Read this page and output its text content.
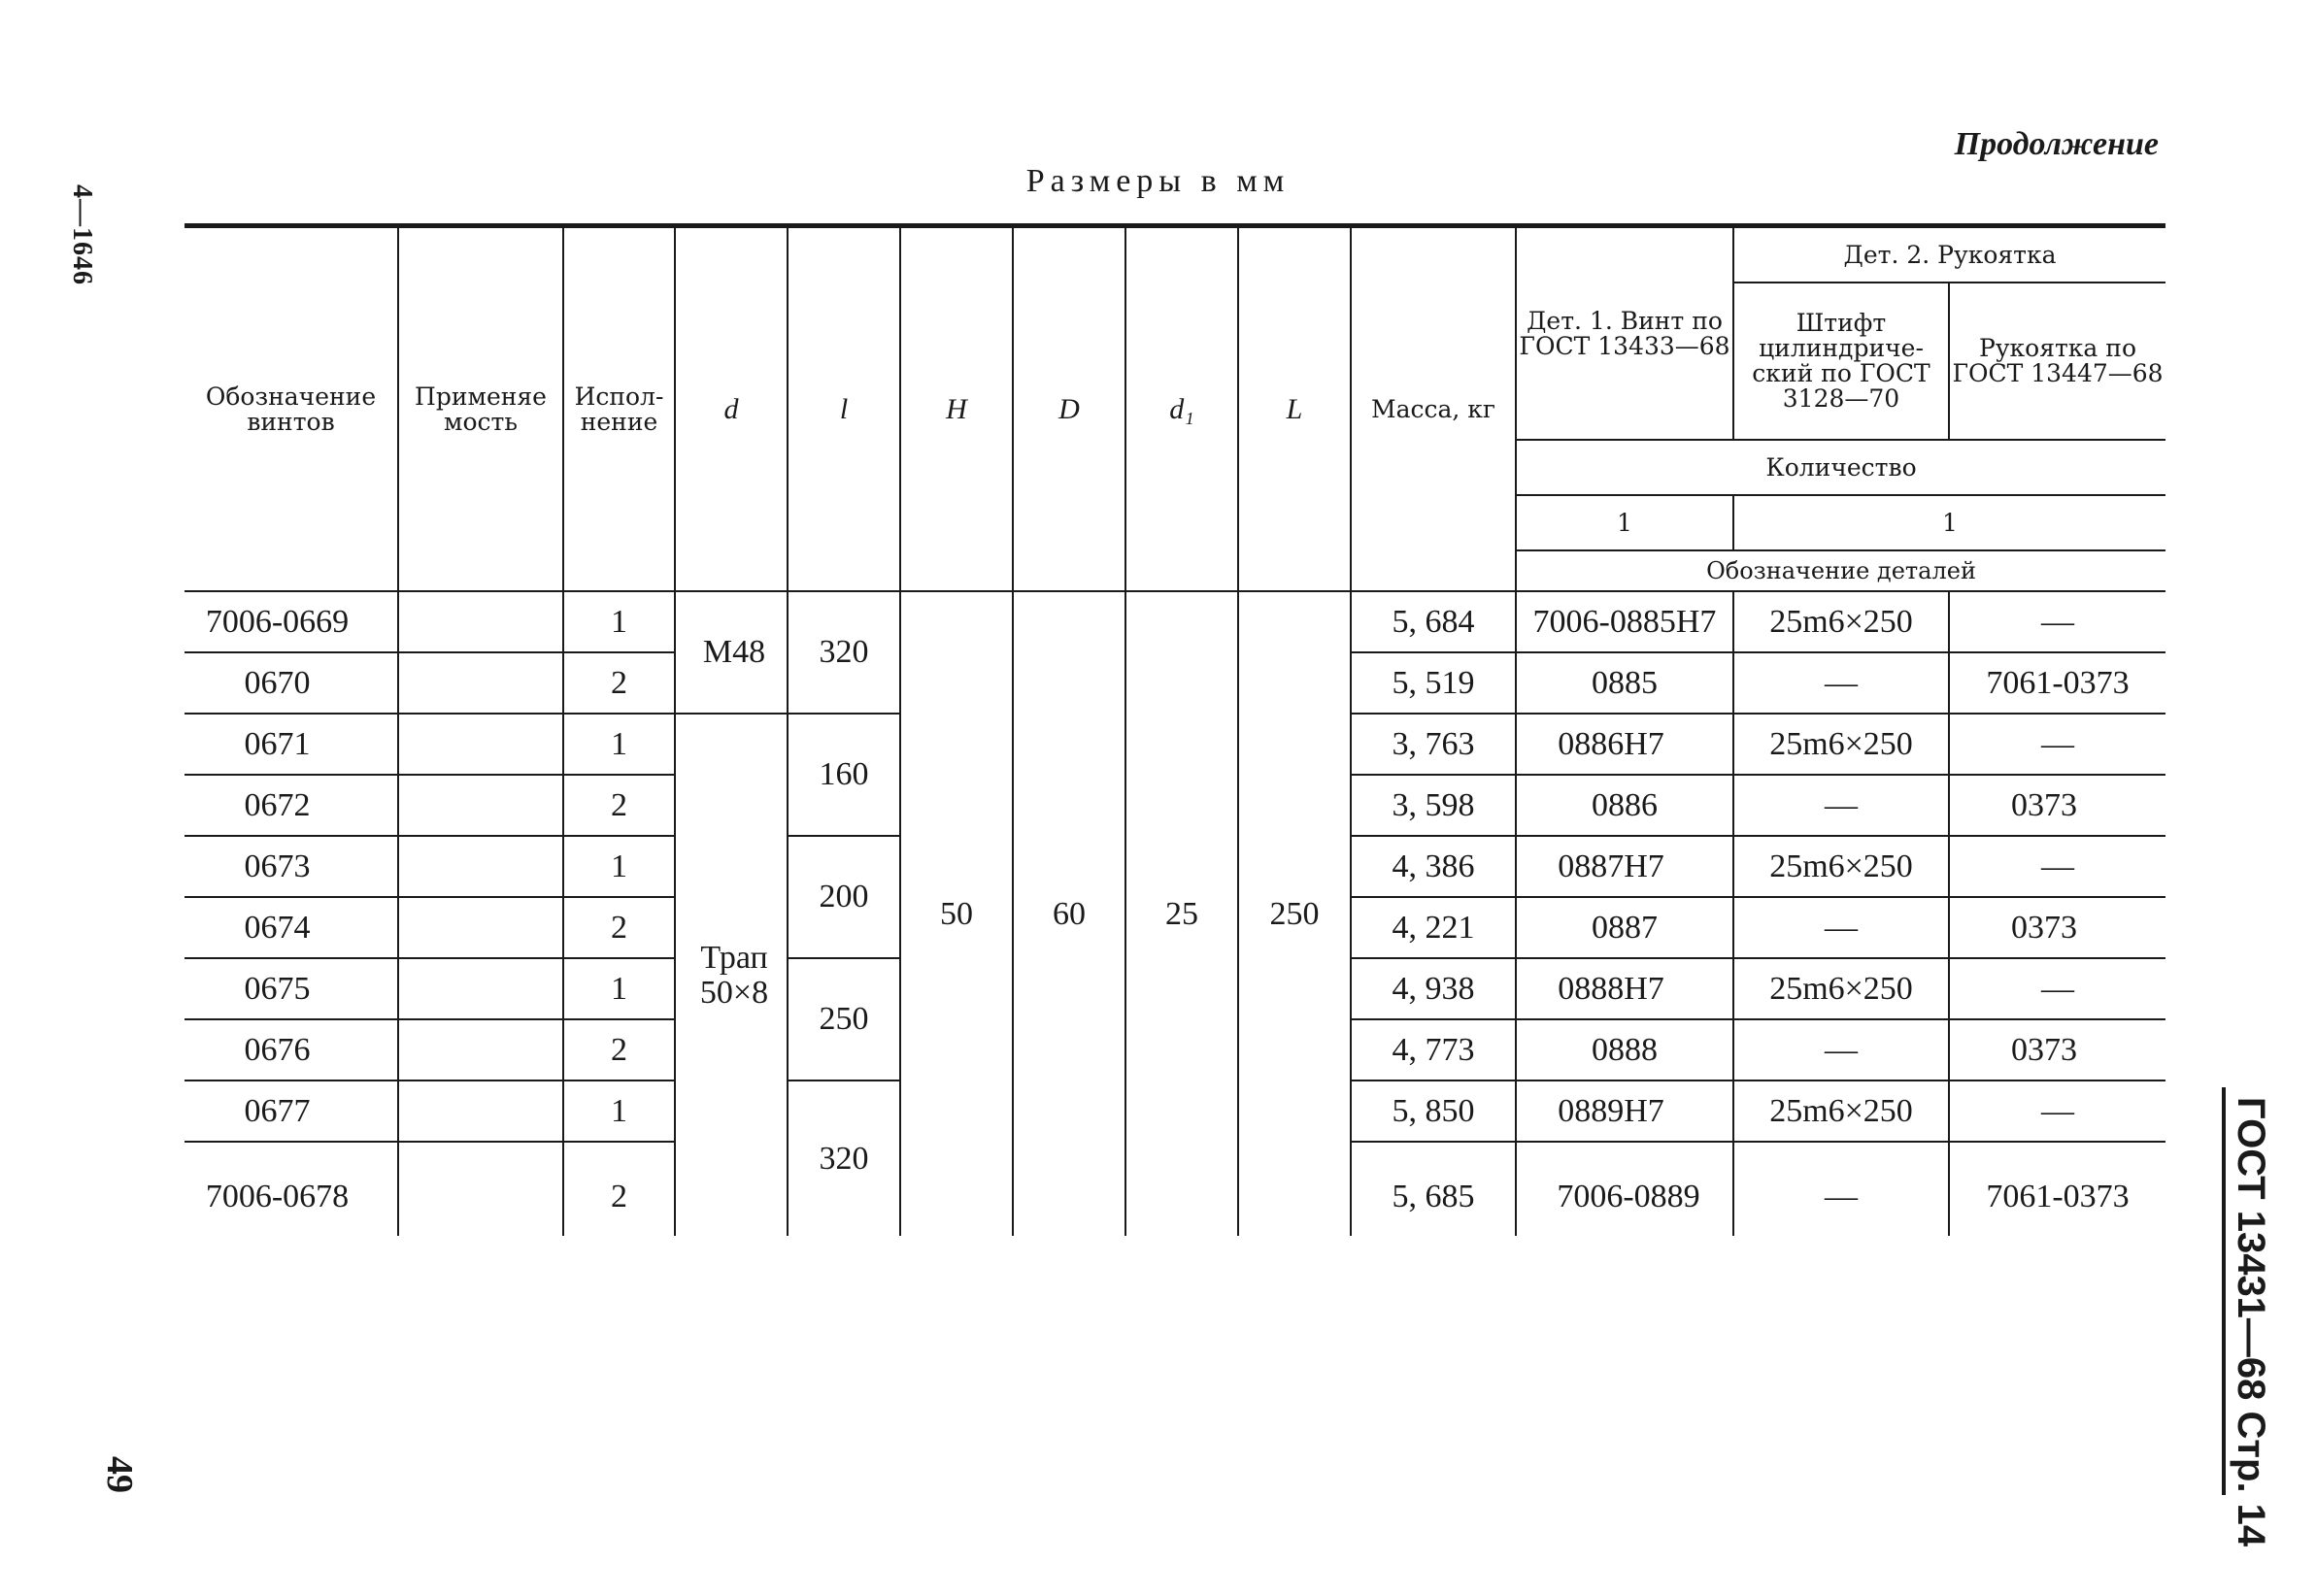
4—1646
49	ГОСТ 13431—68 Стр. 14
Продолжение
Размеры в мм
Обозначение винтов	Применяе мость	Испол-нение	d	l	H	D	d₁	L	Масса, кг	Дет. 1. Винт по ГОСТ 13433—68	Дет. 2. Рукоятка	
											Штифт цилиндриче-ский по ГОСТ 3128—70	Рукоятка по ГОСТ 13447—68
										Количество		
										1	1	
										Обозначение деталей		
7006-0669		1	М48	320	50	60	25	250	5, 684	7006-0885H7	25m6×250	—
0670		2							5, 519	0885	—	7061-0373
0671		1	Трап 50×8	160					3, 763	0886H7	25m6×250	—
0672		2							3, 598	0886	—	0373
0673		1		200					4, 386	0887H7	25m6×250	—
0674		2							4, 221	0887	—	0373
0675		1		250					4, 938	0888H7	25m6×250	—
0676		2							4, 773	0888	—	0373
0677		1		320					5, 850	0889H7	25m6×250	—
7006-0678		2							5, 685	7006-0889	—	7061-0373
